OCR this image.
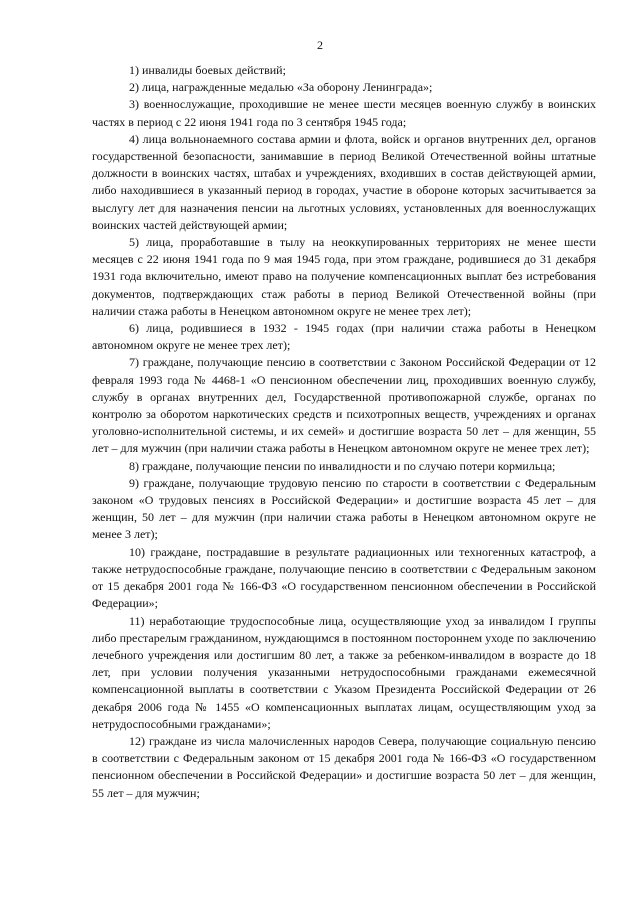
2

1) инвалиды боевых действий;

2) лица, награжденные медалью «За оборону Ленинграда»;

3) военнослужащие, проходившие не менее шести месяцев военную службу в воинских частях в период с 22 июня 1941 года по 3 сентября 1945 года;

4) лица вольнонаемного состава армии и флота, войск и органов внутренних дел, органов государственной безопасности, занимавшие в период Великой Отечественной войны штатные должности в воинских частях, штабах и учреждениях, входивших в состав действующей армии, либо находившиеся в указанный период в городах, участие в обороне которых засчитывается за выслугу лет для назначения пенсии на льготных условиях, установленных для военнослужащих воинских частей действующей армии;

5) лица, проработавшие в тылу на неоккупированных территориях не менее шести месяцев с 22 июня 1941 года по 9 мая 1945 года, при этом граждане, родившиеся до 31 декабря 1931 года включительно, имеют право на получение компенсационных выплат без истребования документов, подтверждающих стаж работы в период Великой Отечественной войны (при наличии стажа работы в Ненецком автономном округе не менее трех лет);

6) лица, родившиеся в 1932 - 1945 годах (при наличии стажа работы в Ненецком автономном округе не менее трех лет);

7) граждане, получающие пенсию в соответствии с Законом Российской Федерации от 12 февраля 1993 года № 4468-1 «О пенсионном обеспечении лиц, проходивших военную службу, службу в органах внутренних дел, Государственной противопожарной службе, органах по контролю за оборотом наркотических средств и психотропных веществ, учреждениях и органах уголовно-исполнительной системы, и их семей» и достигшие возраста 50 лет – для женщин, 55 лет – для мужчин (при наличии стажа работы в Ненецком автономном округе не менее трех лет);

8) граждане, получающие пенсии по инвалидности и по случаю потери кормильца;

9) граждане, получающие трудовую пенсию по старости в соответствии с Федеральным законом «О трудовых пенсиях в Российской Федерации» и достигшие возраста 45 лет – для женщин, 50 лет – для мужчин (при наличии стажа работы в Ненецком автономном округе не менее 3 лет);

10) граждане, пострадавшие в результате радиационных или техногенных катастроф, а также нетрудоспособные граждане, получающие пенсию в соответствии с Федеральным законом от 15 декабря 2001 года № 166-ФЗ «О государственном пенсионном обеспечении в Российской Федерации»;

11) неработающие трудоспособные лица, осуществляющие уход за инвалидом I группы либо престарелым гражданином, нуждающимся в постоянном постороннем уходе по заключению лечебного учреждения или достигшим 80 лет, а также за ребенком-инвалидом в возрасте до 18 лет, при условии получения указанными нетрудоспособными гражданами ежемесячной компенсационной выплаты в соответствии с Указом Президента Российской Федерации от 26 декабря 2006 года № 1455 «О компенсационных выплатах лицам, осуществляющим уход за нетрудоспособными гражданами»;

12) граждане из числа малочисленных народов Севера, получающие социальную пенсию в соответствии с Федеральным законом от 15 декабря 2001 года № 166-ФЗ «О государственном пенсионном обеспечении в Российской Федерации» и достигшие возраста 50 лет – для женщин, 55 лет – для мужчин;
